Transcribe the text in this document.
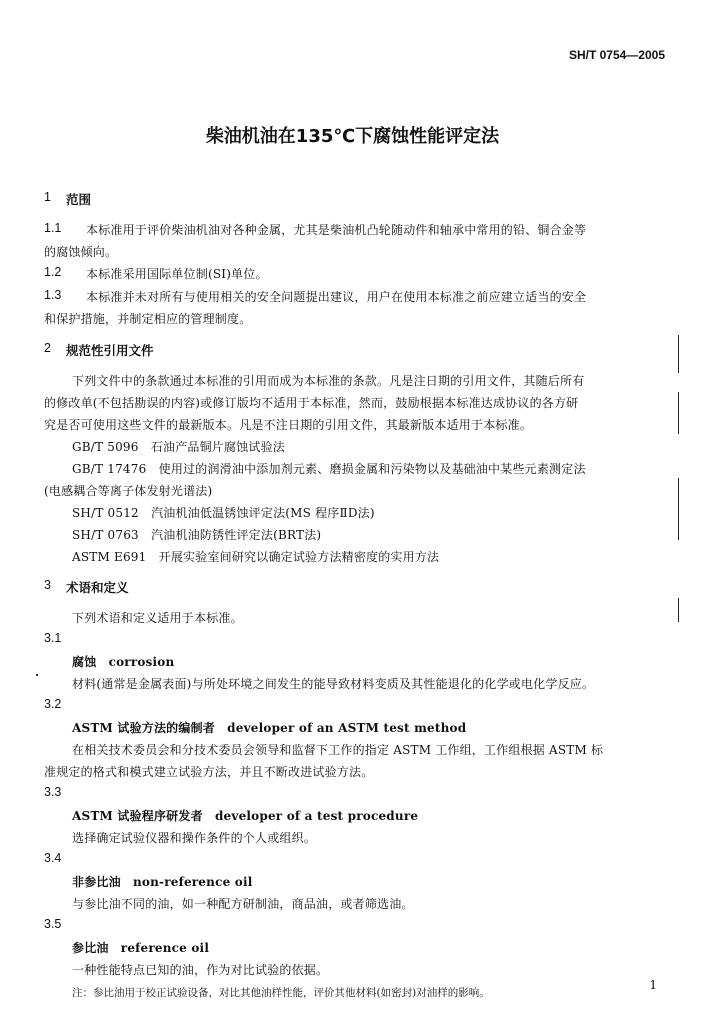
SH/T 0754—2005
柴油机油在135℃下腐蚀性能评定法
1 范围
1.1 本标准用于评价柴油机油对各种金属，尤其是柴油机凸轮随动件和轴承中常用的铅、铜合金等
的腐蚀倾向。
1.2 本标准采用国际单位制(SI)单位。
1.3 本标准并未对所有与使用相关的安全问题提出建议，用户在使用本标准之前应建立适当的安全
和保护措施，并制定相应的管理制度。
2 规范性引用文件
下列文件中的条款通过本标准的引用而成为本标准的条款。凡是注日期的引用文件，其随后所有
的修改单(不包括勘误的内容)或修订版均不适用于本标准，然而，鼓励根据本标准达成协议的各方研
究是否可使用这些文件的最新版本。凡是不注日期的引用文件，其最新版本适用于本标准。
GB/T 5096　石油产品铜片腐蚀试验法
GB/T 17476　使用过的润滑油中添加剂元素、磨损金属和污染物以及基础油中某些元素测定法
(电感耦合等离子体发射光谱法)
SH/T 0512　汽油机油低温锈蚀评定法(MS 程序ⅡD法)
SH/T 0763　汽油机油防锈性评定法(BRT法)
ASTM E691　开展实验室间研究以确定试验方法精密度的实用方法
3 术语和定义
下列术语和定义适用于本标准。
3.1
腐蚀　corrosion
材料(通常是金属表面)与所处环境之间发生的能导致材料变质及其性能退化的化学或电化学反应。
3.2
ASTM 试验方法的编制者　developer of an ASTM test method
在相关技术委员会和分技术委员会领导和监督下工作的指定 ASTM 工作组，工作组根据 ASTM 标
准规定的格式和模式建立试验方法，并且不断改进试验方法。
3.3
ASTM 试验程序研发者　developer of a test procedure
选择确定试验仪器和操作条件的个人或组织。
3.4
非参比油　non-reference oil
与参比油不同的油，如一种配方研制油，商品油，或者筛选油。
3.5
参比油　reference oil
一种性能特点已知的油，作为对比试验的依据。
注：参比油用于校正试验设备，对比其他油样性能，评价其他材料(如密封)对油样的影响。
1
